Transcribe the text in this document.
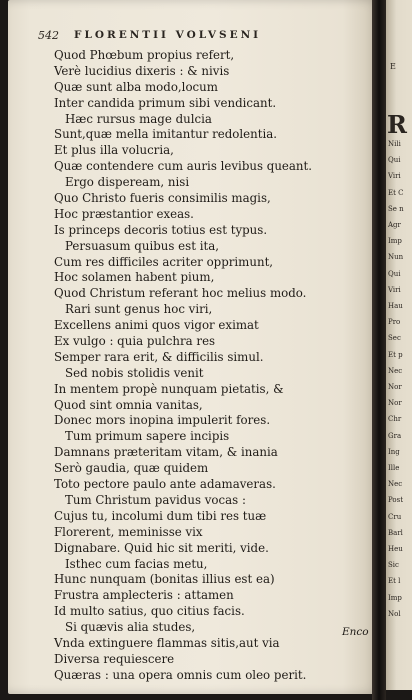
542 FLORENTII VOLVSENI
Quod Phœbum propius refert,
Verè lucidius dixeris : & nivis
Quæ sunt alba modo,locum
Inter candida primum sibi vendicant.
Hæc rursus mage dulcia
Sunt,quæ mella imitantur redolentia.
Et plus illa volucria,
Quæ contendere cum auris levibus queant.
Ergo dispeream, nisi
Quo Christo fueris consimilis magis,
Hoc præstantior exeas.
Is princeps decoris totius est typus.
Persuasum quibus est ita,
Cum res difficiles acriter opprimunt,
Hoc solamen habent pium,
Quod Christum referant hoc melius modo.
Rari sunt genus hoc viri,
Excellens animi quos vigor eximat
Ex vulgo : quia pulchra res
Semper rara erit, & difficilis simul.
Sed nobis stolidis venit
In mentem propè nunquam pietatis, &
Quod sint omnia vanitas,
Donec mors inopina impulerit fores.
Tum primum sapere incipis
Damnans præteritam vitam, & inania
Serò gaudia, quæ quidem
Toto pectore paulo ante adamaveras.
Tum Christum pavidus vocas :
Cujus tu, incolumi dum tibi res tuæ
Florerent, meminisse vix
Dignabare. Quid hic sit meriti, vide.
Isthec cum facias metu,
Hunc nunquam (bonitas illius est ea)
Frustra amplecteris : attamen
Id multo satius, quo citius facis.
Si quævis alia studes,
Vnda extinguere flammas sitis,aut via
Diversa requiescere
Quæras : una opera omnis cum oleo perit.
Enco
E
R
Nili
Qui
Viri
Et C
Se n
Agr
Imp
Nun
Qui
Viri
Hau
Pro
Sec
Et p
Nec
Nor
Nor
Chr
Gra
Ing
Ille
Nec
Post
Cru
Barl
Heu
Sic
Et l
Imp
Nol
